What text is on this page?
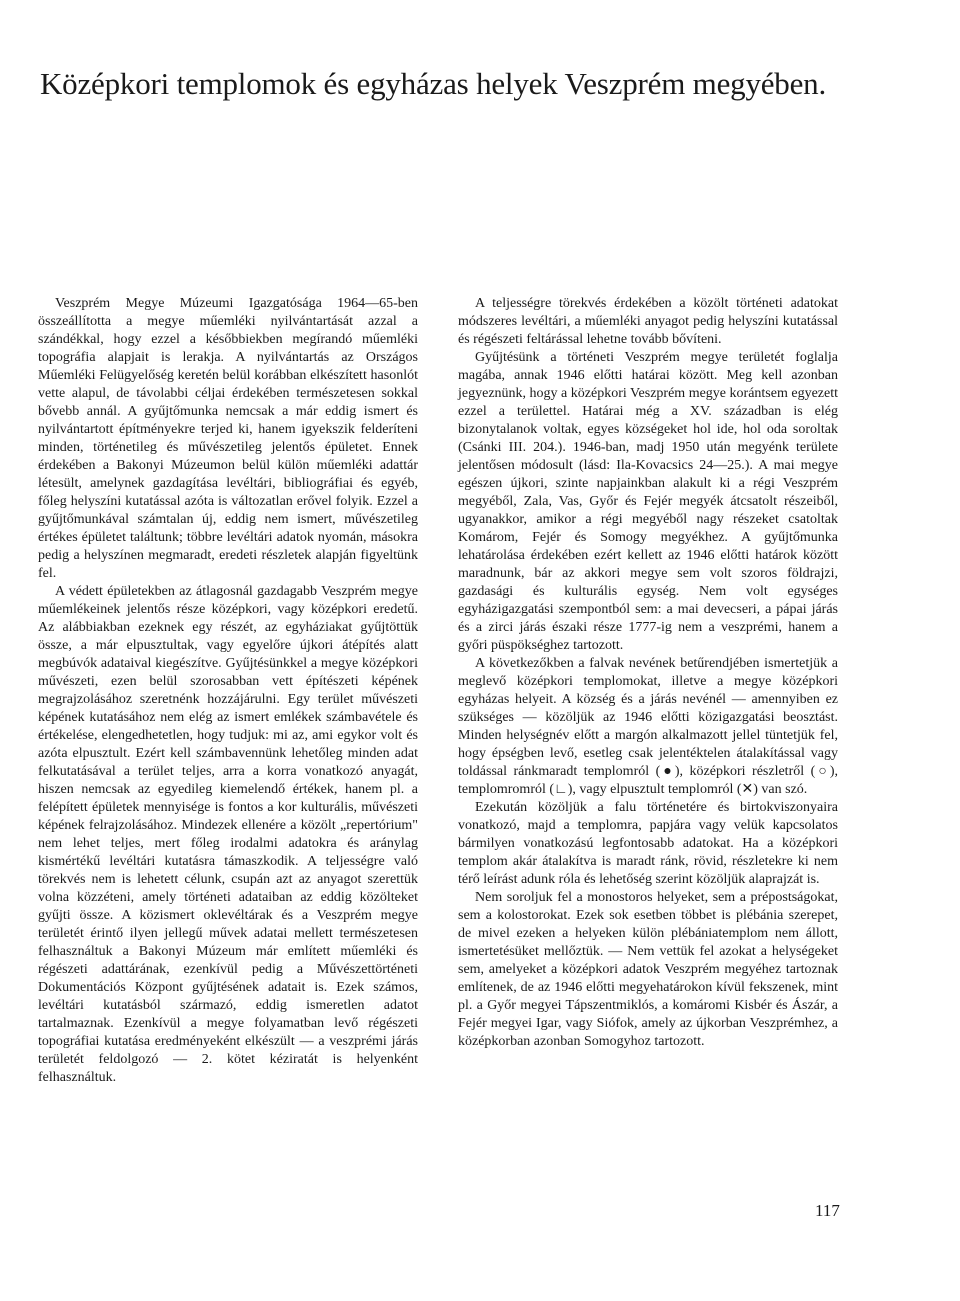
Középkori templomok és egyházas helyek Veszprém megyében.

Veszprém Megye Múzeumi Igazgatósága 1964—65-ben összeállította a megye műemléki nyilvántartását azzal a szándékkal, hogy ezzel a későbbiekben megírandó műemléki topográfia alapjait is lerakja. A nyilvántartás az Országos Műemléki Felügyelőség keretén belül korábban elkészített hasonlót vette alapul, de távolabbi céljai érdekében természetesen sokkal bővebb annál. A gyűjtőmunka nemcsak a már eddig ismert és nyilvántartott építményekre terjed ki, hanem igyekszik felderíteni minden, történetileg és művészetileg jelentős épületet. Ennek érdekében a Bakonyi Múzeumon belül külön műemléki adattár létesült, amelynek gazdagítása levéltári, bibliográfiai és egyéb, főleg helyszíni kutatással azóta is változatlan erővel folyik. Ezzel a gyűjtőmunkával számtalan új, eddig nem ismert, művészetileg értékes épületet találtunk; többre levéltári adatok nyomán, másokra pedig a helyszínen megmaradt, eredeti részletek alapján figyeltünk fel.

A védett épületekben az átlagosnál gazdagabb Veszprém megye műemlékeinek jelentős része középkori, vagy középkori eredetű. Az alábbiakban ezeknek egy részét, az egyháziakat gyűjtöttük össze, a már elpusztultak, vagy egyelőre újkori átépítés alatt megbúvók adataival kiegészítve. Gyűjtésünkkel a megye középkori művészeti, ezen belül szorosabban vett építészeti képének megrajzolásához szeretnénk hozzájárulni. Egy terület művészeti képének kutatásához nem elég az ismert emlékek számbavétele és értékelése, elengedhetetlen, hogy tudjuk: mi az, ami egykor volt és azóta elpusztult. Ezért kell számbavennünk lehetőleg minden adat felkutatásával a terület teljes, arra a korra vonatkozó anyagát, hiszen nemcsak az egyedileg kiemelendő értékek, hanem pl. a felépített épületek mennyisége is fontos a kor kulturális, művészeti képének felrajzolásához. Mindezek ellenére a közölt „repertórium" nem lehet teljes, mert főleg irodalmi adatokra és aránylag kismértékű levéltári kutatásra támaszkodik. A teljességre való törekvés nem is lehetett célunk, csupán azt az anyagot szerettük volna közzéteni, amely történeti adataiban az eddig közölteket gyűjti össze. A közismert oklevéltárak és a Veszprém megye területét érintő ilyen jellegű művek adatai mellett természetesen felhasználtuk a Bakonyi Múzeum már említett műemléki és régészeti adattárának, ezenkívül pedig a Művészettörténeti Dokumentációs Központ gyűjtésének adatait is. Ezek számos, levéltári kutatásból származó, eddig ismeretlen adatot tartalmaznak. Ezenkívül a megye folyamatban levő régészeti topográfiai kutatása eredményeként elkészült — a veszprémi járás területét feldolgozó — 2. kötet kéziratát is helyenként felhasználtuk.

A teljességre törekvés érdekében a közölt történeti adatokat módszeres levéltári, a műemléki anyagot pedig helyszíni kutatással és régészeti feltárással lehetne tovább bővíteni.

Gyűjtésünk a történeti Veszprém megye területét foglalja magába, annak 1946 előtti határai között. Meg kell azonban jegyeznünk, hogy a középkori Veszprém megye korántsem egyezett ezzel a területtel. Határai még a XV. században is elég bizonytalanok voltak, egyes községeket hol ide, hol oda soroltak (Csánki III. 204.). 1946-ban, madj 1950 után megyénk területe jelentősen módosult (lásd: Ila-Kovacsics 24—25.). A mai megye egészen újkori, szinte napjainkban alakult ki a régi Veszprém megyéből, Zala, Vas, Győr és Fejér megyék átcsatolt részeiből, ugyanakkor, amikor a régi megyéből nagy részeket csatoltak Komárom, Fejér és Somogy megyékhez. A gyűjtőmunka lehatárolása érdekében ezért kellett az 1946 előtti határok között maradnunk, bár az akkori megye sem volt szoros földrajzi, gazdasági és kulturális egység. Nem volt egységes egyházigazgatási szempontból sem: a mai devecseri, a pápai járás és a zirci járás északi része 1777-ig nem a veszprémi, hanem a győri püspökséghez tartozott.

A következőkben a falvak nevének betűrendjében ismertetjük a meglevő középkori templomokat, illetve a megye középkori egyházas helyeit. A község és a járás nevénél — amennyiben ez szükséges — közöljük az 1946 előtti közigazgatási beosztást. Minden helységnév előtt a margón alkalmazott jellel tüntetjük fel, hogy épségben levő, esetleg csak jelentéktelen átalakítással vagy toldással ránkmaradt templomról (●), középkori részletről (○), templomromról (∟), vagy elpusztult templomról (✕) van szó.

Ezekután közöljük a falu történetére és birtokviszonyaira vonatkozó, majd a templomra, papjára vagy velük kapcsolatos bármilyen vonatkozású legfontosabb adatokat. Ha a középkori templom akár átalakítva is maradt ránk, rövid, részletekre ki nem térő leírást adunk róla és lehetőség szerint közöljük alaprajzát is.

Nem soroljuk fel a monostoros helyeket, sem a prépostságokat, sem a kolostorokat. Ezek sok esetben többet is plébánia szerepet, de mivel ezeken a helyeken külön plébániatemplom nem állott, ismertetésüket mellőztük. — Nem vettük fel azokat a helységeket sem, amelyeket a középkori adatok Veszprém megyéhez tartoznak említenek, de az 1946 előtti megyehatárokon kívül fekszenek, mint pl. a Győr megyei Tápszentmiklós, a komáromi Kisbér és Ászár, a Fejér megyei Igar, vagy Siófok, amely az újkorban Veszprémhez, a középkorban azonban Somogyhoz tartozott.

117
